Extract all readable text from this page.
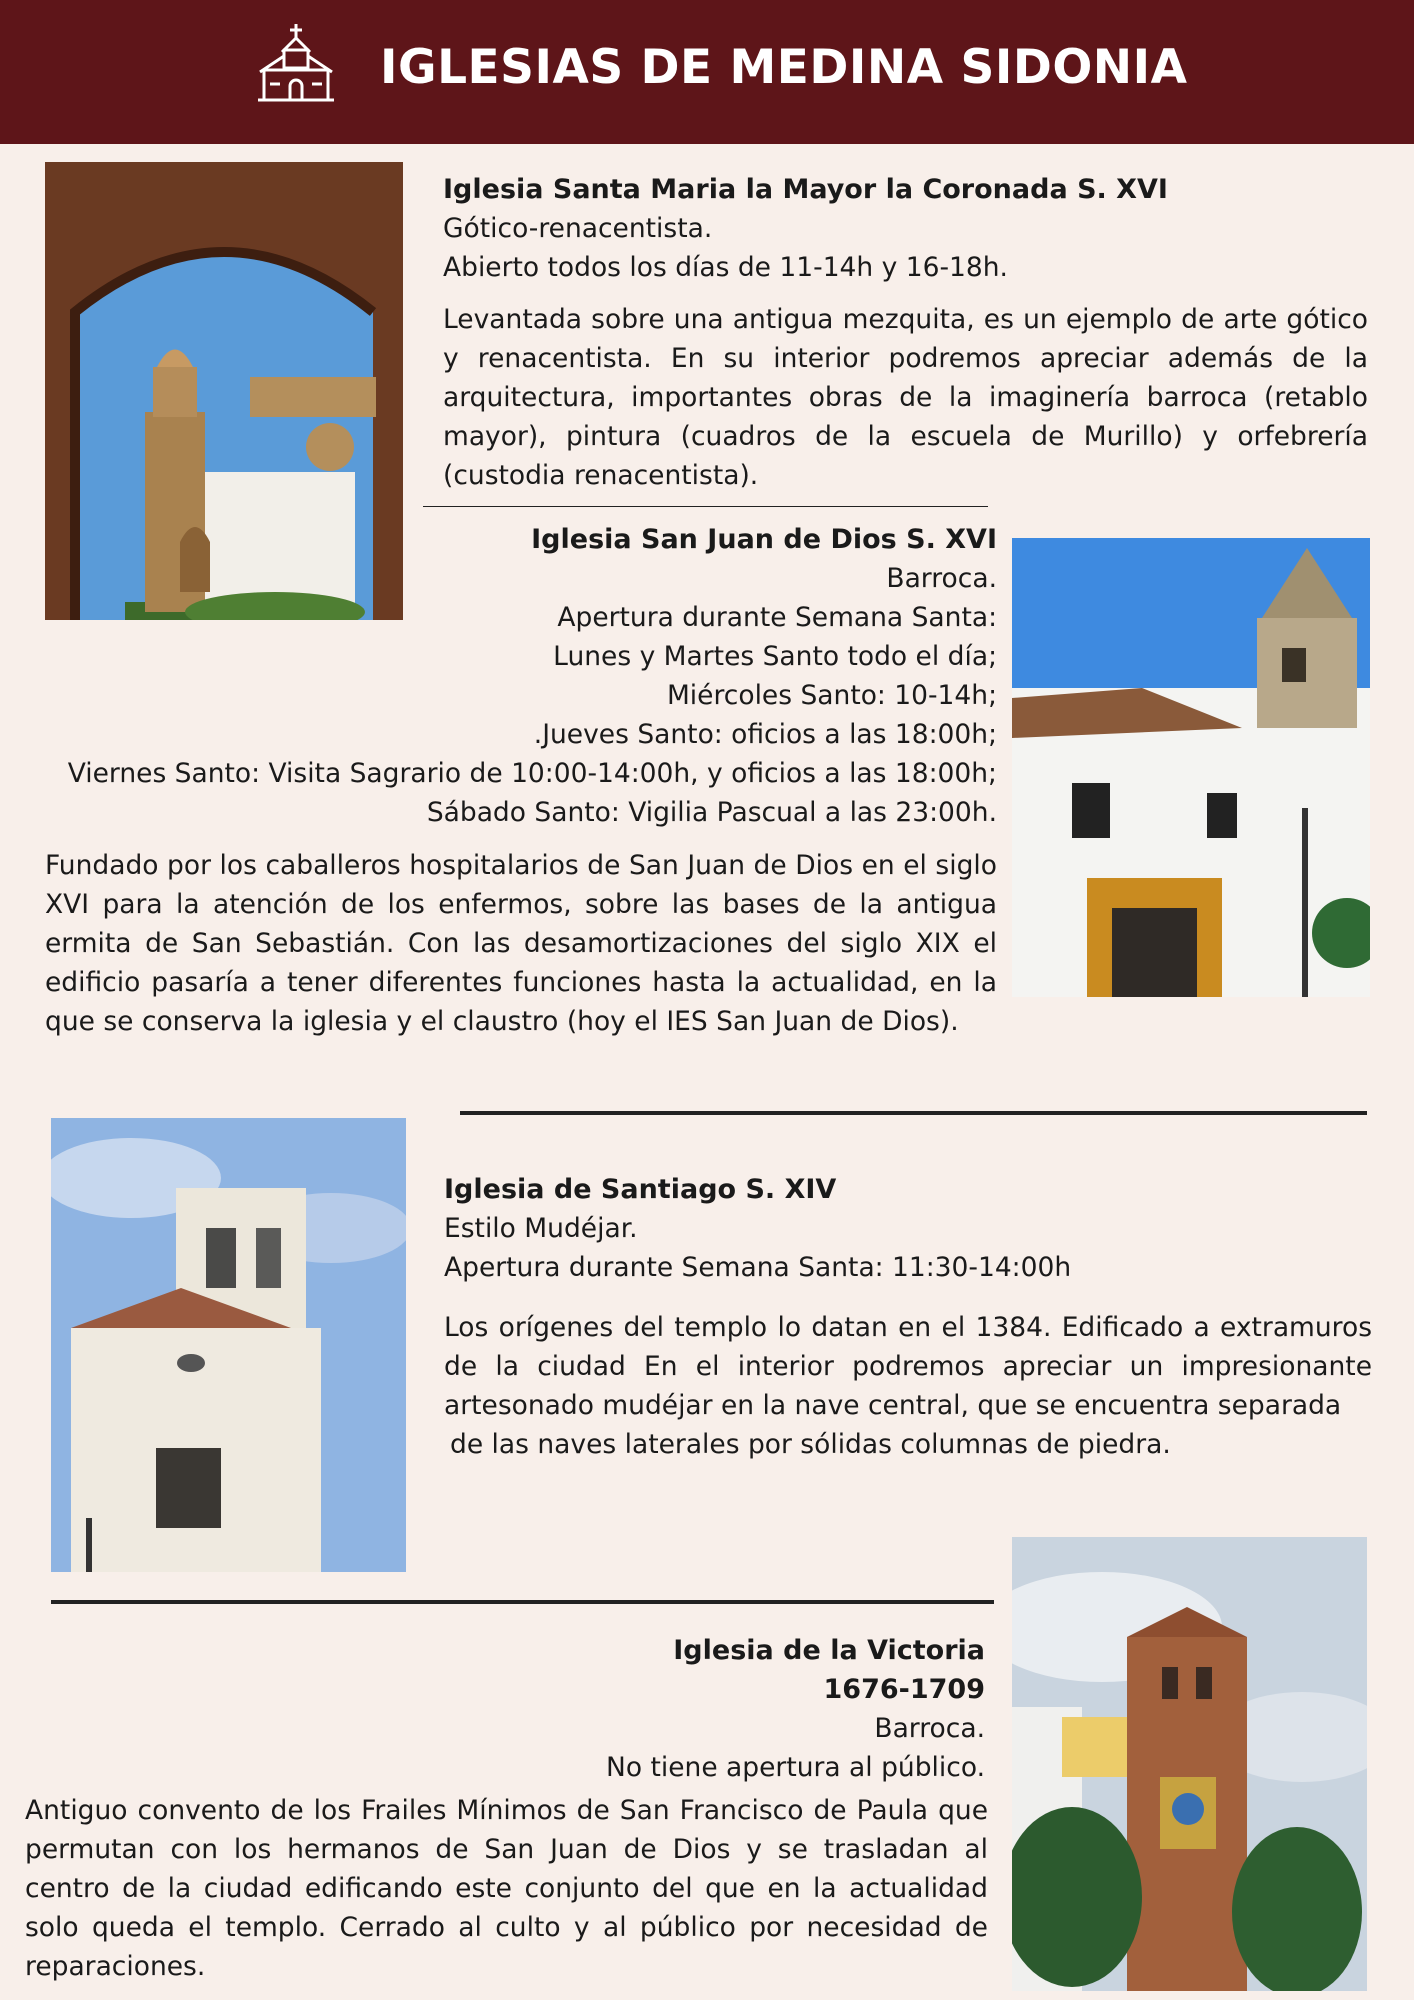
IGLESIAS DE MEDINA SIDONIA

Iglesia Santa Maria la Mayor la Coronada S. XVI

Gótico-renacentista.

Abierto todos los días de 11-14h y 16-18h.

Levantada sobre una antigua mezquita, es un ejemplo de arte gótico y renacentista. En su interior podremos apreciar además de la arquitectura, importantes obras de la imaginería barroca (retablo mayor), pintura (cuadros de la escuela de Murillo) y orfebrería (custodia renacentista).

Iglesia San Juan de Dios S. XVI

Barroca.

Apertura durante Semana Santa:

Lunes y Martes Santo todo el día;

Miércoles Santo: 10-14h;

.Jueves Santo: oficios a las 18:00h;

Viernes Santo: Visita Sagrario de 10:00-14:00h, y oficios a las 18:00h;

Sábado Santo: Vigilia Pascual a las 23:00h.

Fundado por los caballeros hospitalarios de San Juan de Dios en el siglo XVI para la atención de los enfermos, sobre las bases de la antigua ermita de San Sebastián. Con las desamortizaciones del siglo XIX el edificio pasaría a tener diferentes funciones hasta la actualidad, en la que se conserva la iglesia y el claustro (hoy el IES San Juan de Dios).

Iglesia de Santiago S. XIV

Estilo Mudéjar.

Apertura durante Semana Santa: 11:30-14:00h

Los orígenes del templo lo datan en el 1384. Edificado a extramuros de la ciudad En el interior podremos apreciar un impresionante artesonado mudéjar en la nave central, que se encuentra separada

de las naves laterales por sólidas columnas de piedra.

Iglesia de la Victoria

1676-1709

Barroca.

No tiene apertura al público.

Antiguo convento de los Frailes Mínimos de San Francisco de Paula que permutan con los hermanos de San Juan de Dios y se trasladan al centro de la ciudad edificando este conjunto del que en la actualidad solo queda el templo. Cerrado al culto y al público por necesidad de reparaciones.
